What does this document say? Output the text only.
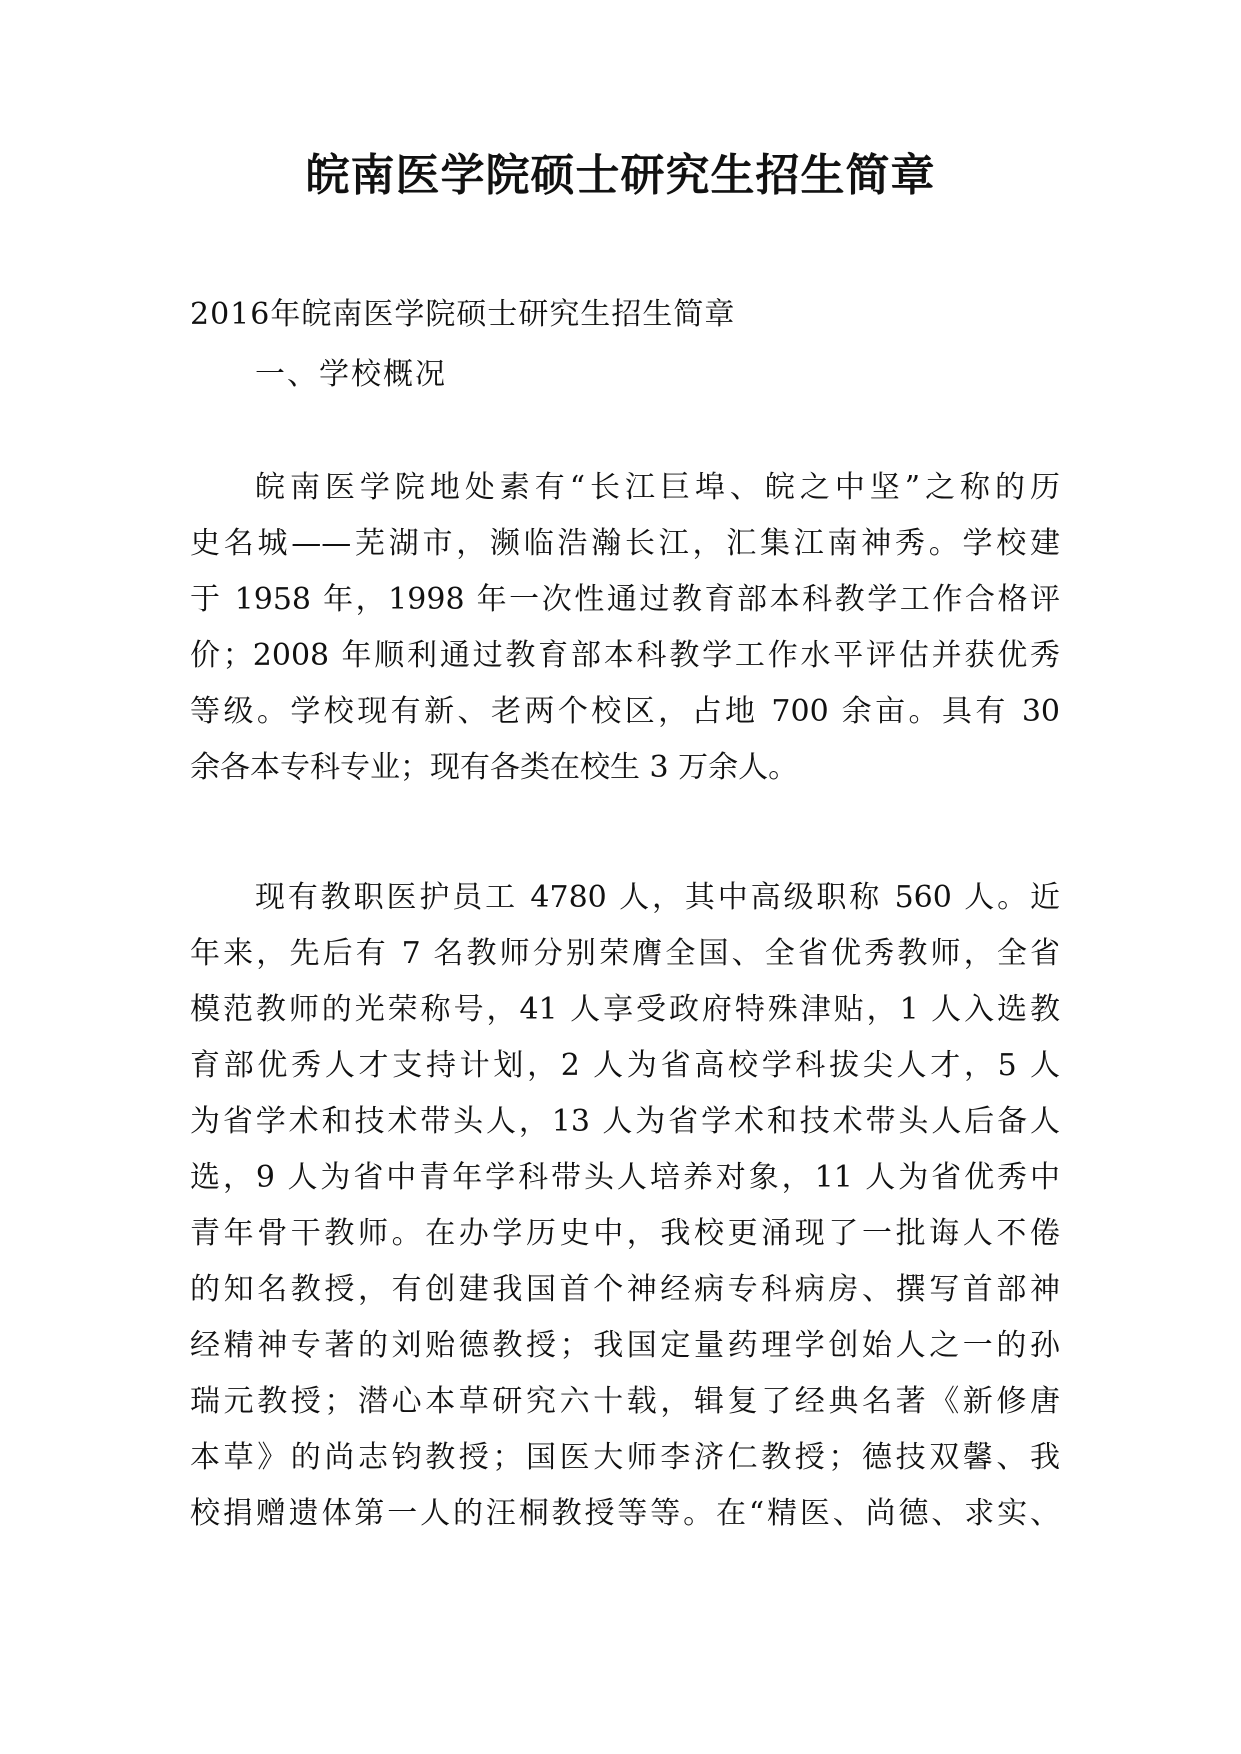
皖南医学院硕士研究生招生简章
2016年皖南医学院硕士研究生招生简章
一、学校概况
皖南医学院地处素有“长江巨埠、皖之中坚”之称的历
史名城——芜湖市，濒临浩瀚长江，汇集江南神秀。学校建
于 1958 年，1998 年一次性通过教育部本科教学工作合格评
价；2008 年顺利通过教育部本科教学工作水平评估并获优秀
等级。学校现有新、老两个校区，占地 700 余亩。具有 30
余各本专科专业；现有各类在校生 3 万余人。
现有教职医护员工 4780 人，其中高级职称 560 人。近
年来，先后有 7 名教师分别荣膺全国、全省优秀教师，全省
模范教师的光荣称号，41 人享受政府特殊津贴，1 人入选教
育部优秀人才支持计划，2 人为省高校学科拔尖人才，5 人
为省学术和技术带头人，13 人为省学术和技术带头人后备人
选，9 人为省中青年学科带头人培养对象，11 人为省优秀中
青年骨干教师。在办学历史中，我校更涌现了一批诲人不倦
的知名教授，有创建我国首个神经病专科病房、撰写首部神
经精神专著的刘贻德教授；我国定量药理学创始人之一的孙
瑞元教授；潜心本草研究六十载，辑复了经典名著《新修唐
本草》的尚志钧教授；国医大师李济仁教授；德技双馨、我
校捐赠遗体第一人的汪桐教授等等。在“精医、尚德、求实、
